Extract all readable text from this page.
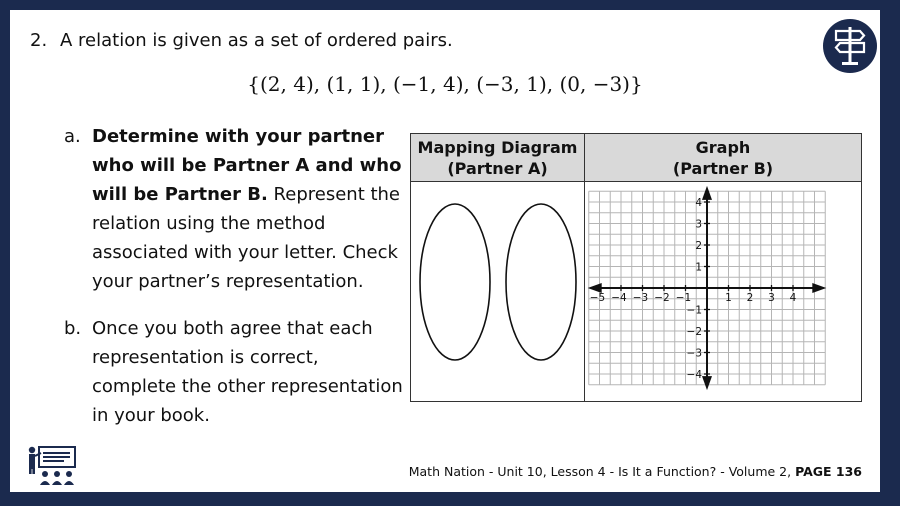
2. A relation is given as a set of ordered pairs.
{(2, 4), (1, 1), (−1, 4), (−3, 1), (0, −3)}
a. Determine with your partner who will be Partner A and who will be Partner B. Represent the relation using the method associated with your letter. Check your partner’s representation.
b. Once you both agree that each representation is correct, complete the other representation in your book.
Mapping Diagram
(Partner A)
Graph
(Partner B)
−5 −4 −3 −2 −1	1 2 3 4
4
3
2
1
−1
−2
−3
−4
Math Nation - Unit 10, Lesson 4 - Is It a Function? - Volume 2, PAGE 136
